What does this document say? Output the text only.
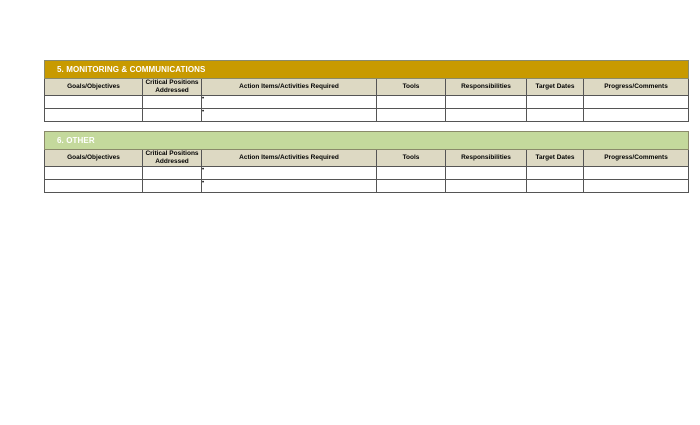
5. MONITORING & COMMUNICATIONS						
Goals/Objectives	Critical Positions Addressed	Action Items/Activities Required	Tools	Responsibilities	Target Dates	Progress/Comments
		•				
		•				
6. OTHER						
Goals/Objectives	Critical Positions Addressed	Action Items/Activities Required	Tools	Responsibilities	Target Dates	Progress/Comments
		•				
		•				
